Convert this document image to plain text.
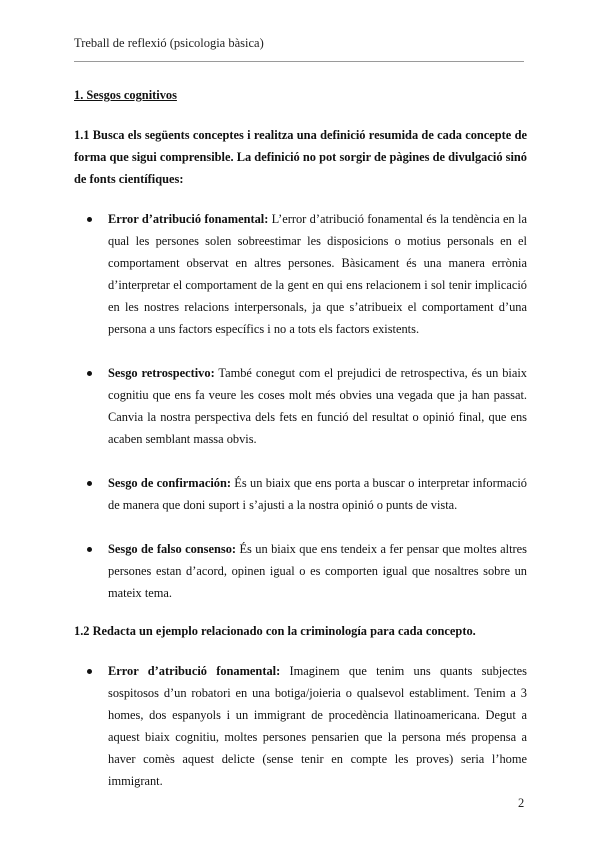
Treball de reflexió (psicologia bàsica)

1. Sesgos cognitivos

1.1 Busca els següents conceptes i realitza una definició resumida de cada concepte de forma que sigui comprensible. La definició no pot sorgir de pàgines de divulgació sinó de fonts científiques:

Error d’atribució fonamental: L’error d’atribució fonamental és la tendència en la qual les persones solen sobreestimar les disposicions o motius personals en el comportament observat en altres persones. Bàsicament és una manera errònia d’interpretar el comportament de la gent en qui ens relacionem i sol tenir implicació en les nostres relacions interpersonals, ja que s’atribueix el comportament d’una persona a uns factors específics i no a tots els factors existents.
Sesgo retrospectivo: També conegut com el prejudici de retrospectiva, és un biaix cognitiu que ens fa veure les coses molt més obvies una vegada que ja han passat. Canvia la nostra perspectiva dels fets en funció del resultat o opinió final, que ens acaben semblant massa obvis.
Sesgo de confirmación: És un biaix que ens porta a buscar o interpretar informació de manera que doni suport i s’ajusti a la nostra opinió o punts de vista.
Sesgo de falso consenso: És un biaix que ens tendeix a fer pensar que moltes altres persones estan d’acord, opinen igual o es comporten igual que nosaltres sobre un mateix tema.

1.2 Redacta un ejemplo relacionado con la criminología para cada concepto.

Error d’atribució fonamental: Imaginem que tenim uns quants subjectes sospitosos d’un robatori en una botiga/joieria o qualsevol establiment. Tenim a 3 homes, dos espanyols i un immigrant de procedència llatinoamericana. Degut a aquest biaix cognitiu, moltes persones pensarien que la persona més propensa a haver comès aquest delicte (sense tenir en compte les proves) seria l’home immigrant.
2
